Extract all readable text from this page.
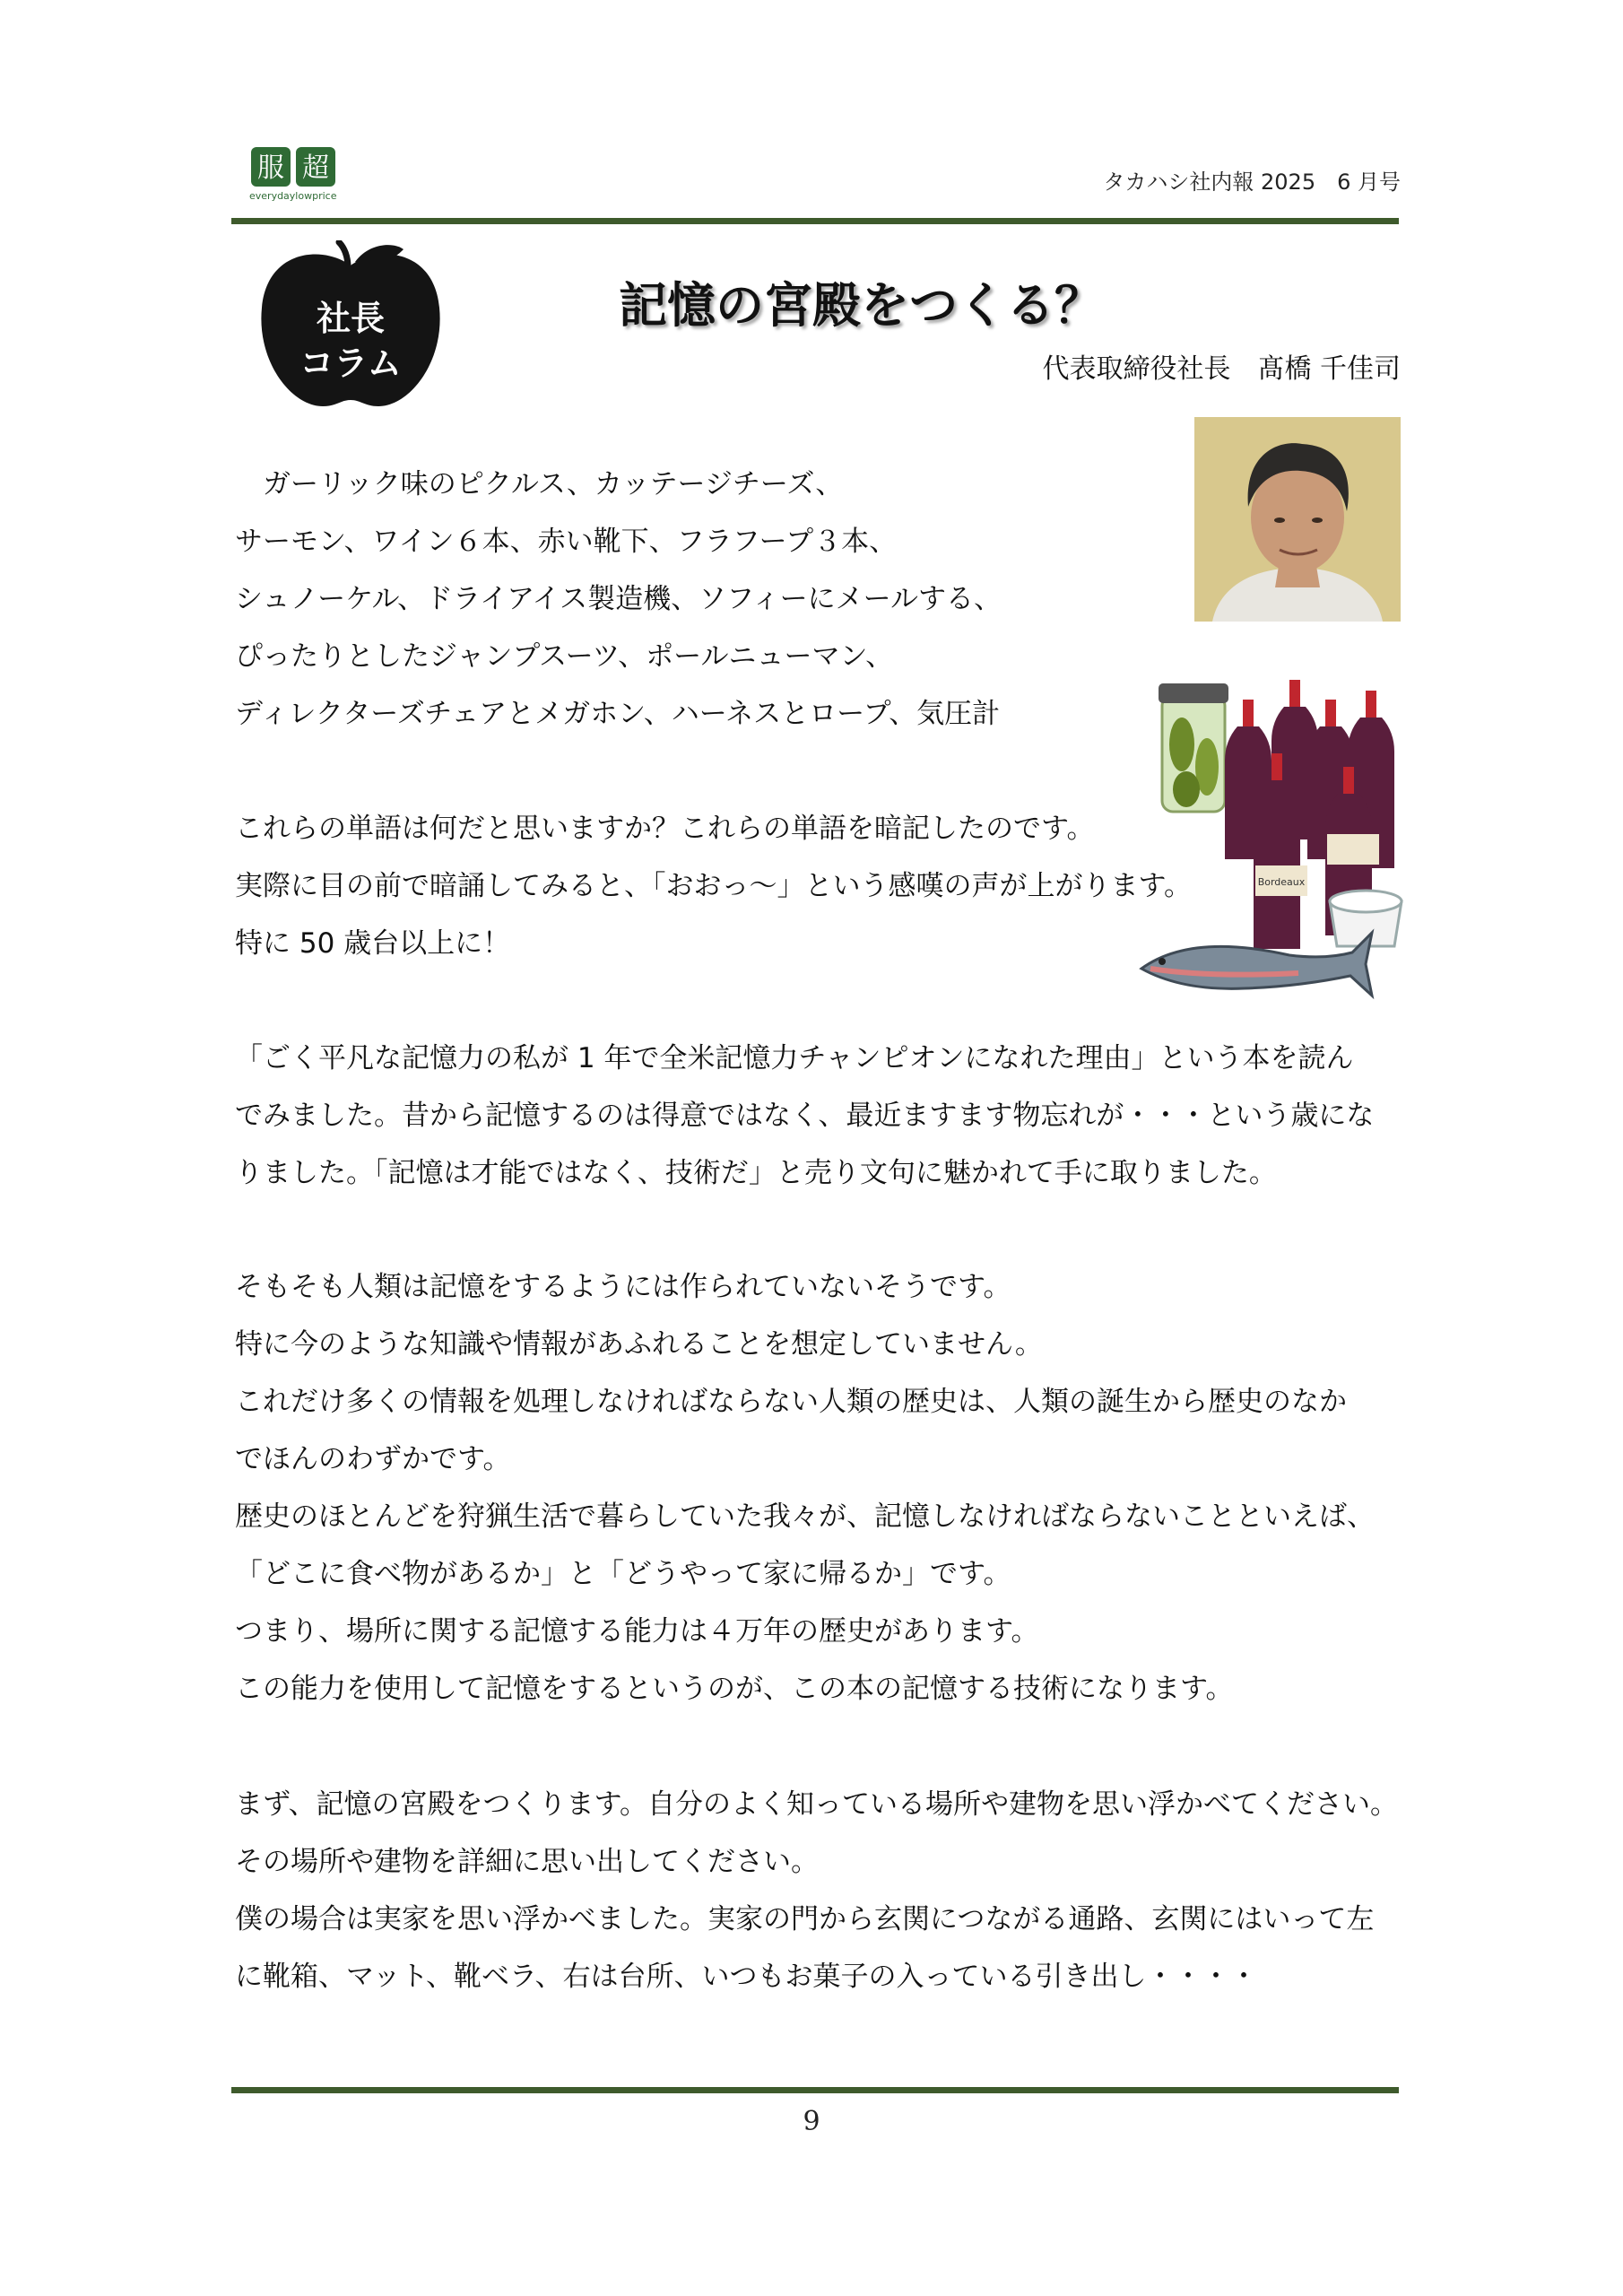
服 超
everydaylowprice
タカハシ社内報 2025　6 月号
社長
コラム
記憶の宮殿をつくる？
代表取締役社長　髙橋 千佳司
Bordeaux

　ガーリック味のピクルス、カッテージチーズ、

サーモン、ワイン６本、赤い靴下、フラフープ３本、

シュノーケル、ドライアイス製造機、ソフィーにメールする、

ぴったりとしたジャンプスーツ、ポールニューマン、

ディレクターズチェアとメガホン、ハーネスとロープ、気圧計

これらの単語は何だと思いますか？これらの単語を暗記したのです。

実際に目の前で暗誦してみると、「おおっ～」という感嘆の声が上がります。

特に 50 歳台以上に！

「ごく平凡な記憶力の私が 1 年で全米記憶力チャンピオンになれた理由」という本を読ん

でみました。昔から記憶するのは得意ではなく、最近ますます物忘れが・・・という歳にな

りました。「記憶は才能ではなく、技術だ」と売り文句に魅かれて手に取りました。

そもそも人類は記憶をするようには作られていないそうです。

特に今のような知識や情報があふれることを想定していません。

これだけ多くの情報を処理しなければならない人類の歴史は、人類の誕生から歴史のなか

でほんのわずかです。

歴史のほとんどを狩猟生活で暮らしていた我々が、記憶しなければならないことといえば、

「どこに食べ物があるか」と「どうやって家に帰るか」です。

つまり、場所に関する記憶する能力は４万年の歴史があります。

この能力を使用して記憶をするというのが、この本の記憶する技術になります。

まず、記憶の宮殿をつくります。自分のよく知っている場所や建物を思い浮かべてください。

その場所や建物を詳細に思い出してください。

僕の場合は実家を思い浮かべました。実家の門から玄関につながる通路、玄関にはいって左

に靴箱、マット、靴ベラ、右は台所、いつもお菓子の入っている引き出し・・・・

9
